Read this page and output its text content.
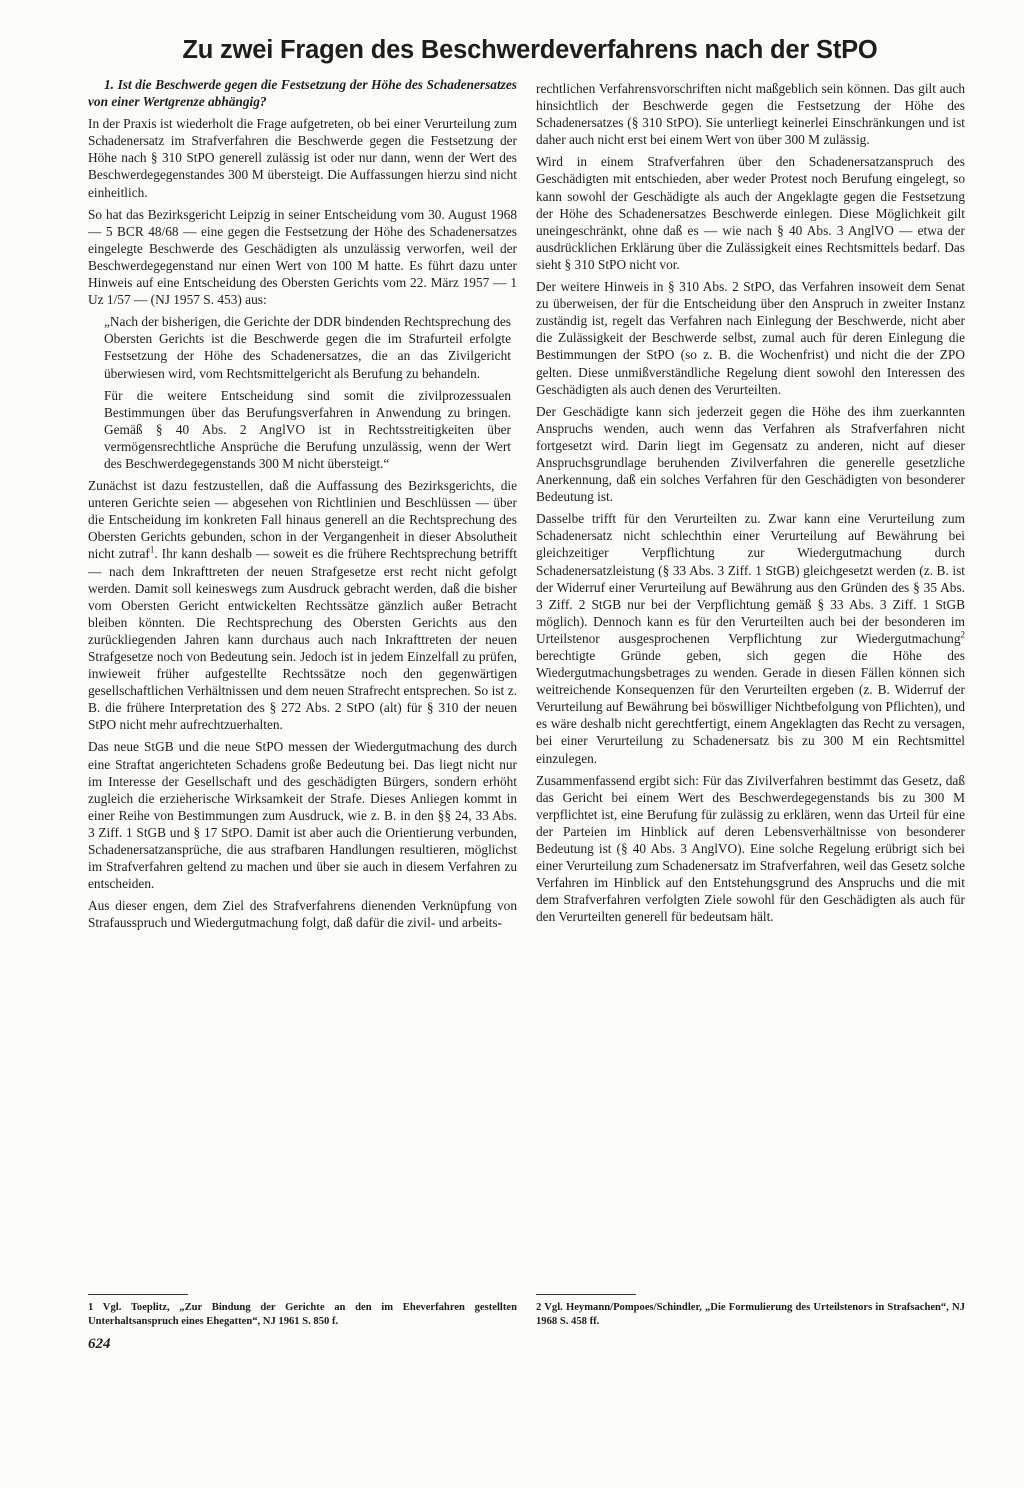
Zu zwei Fragen des Beschwerdeverfahrens nach der StPO

1. Ist die Beschwerde gegen die Festsetzung der Höhe des Schadenersatzes von einer Wertgrenze abhängig?

In der Praxis ist wiederholt die Frage aufgetreten, ob bei einer Verurteilung zum Schadenersatz im Strafverfahren die Beschwerde gegen die Festsetzung der Höhe nach § 310 StPO generell zulässig ist oder nur dann, wenn der Wert des Beschwerdegegenstandes 300 M übersteigt. Die Auffassungen hierzu sind nicht einheitlich.

So hat das Bezirksgericht Leipzig in seiner Entscheidung vom 30. August 1968 — 5 BCR 48/68 — eine gegen die Festsetzung der Höhe des Schadenersatzes eingelegte Beschwerde des Geschädigten als unzulässig verworfen, weil der Beschwerdegegenstand nur einen Wert von 100 M hatte. Es führt dazu unter Hinweis auf eine Entscheidung des Obersten Gerichts vom 22. März 1957 — 1 Uz 1/57 — (NJ 1957 S. 453) aus:

„Nach der bisherigen, die Gerichte der DDR bindenden Rechtsprechung des Obersten Gerichts ist die Beschwerde gegen die im Strafurteil erfolgte Festsetzung der Höhe des Schadenersatzes, die an das Zivilgericht überwiesen wird, vom Rechtsmittelgericht als Berufung zu behandeln.

Für die weitere Entscheidung sind somit die zivilprozessualen Bestimmungen über das Berufungsverfahren in Anwendung zu bringen. Gemäß § 40 Abs. 2 AnglVO ist in Rechtsstreitigkeiten über vermögensrechtliche Ansprüche die Berufung unzulässig, wenn der Wert des Beschwerdegegenstands 300 M nicht übersteigt.“

Zunächst ist dazu festzustellen, daß die Auffassung des Bezirksgerichts, die unteren Gerichte seien — abgesehen von Richtlinien und Beschlüssen — über die Entscheidung im konkreten Fall hinaus generell an die Rechtsprechung des Obersten Gerichts gebunden, schon in der Vergangenheit in dieser Absolutheit nicht zutraf$^1$. Ihr kann deshalb — soweit es die frühere Rechtsprechung betrifft — nach dem Inkrafttreten der neuen Strafgesetze erst recht nicht gefolgt werden. Damit soll keineswegs zum Ausdruck gebracht werden, daß die bisher vom Obersten Gericht entwickelten Rechtssätze gänzlich außer Betracht bleiben könnten. Die Rechtsprechung des Obersten Gerichts aus den zurückliegenden Jahren kann durchaus auch nach Inkrafttreten der neuen Strafgesetze noch von Bedeutung sein. Jedoch ist in jedem Einzelfall zu prüfen, inwieweit früher aufgestellte Rechtssätze noch den gegenwärtigen gesellschaftlichen Verhältnissen und dem neuen Strafrecht entsprechen. So ist z. B. die frühere Interpretation des § 272 Abs. 2 StPO (alt) für § 310 der neuen StPO nicht mehr aufrechtzuerhalten.

Das neue StGB und die neue StPO messen der Wiedergutmachung des durch eine Straftat angerichteten Schadens große Bedeutung bei. Das liegt nicht nur im Interesse der Gesellschaft und des geschädigten Bürgers, sondern erhöht zugleich die erzieherische Wirksamkeit der Strafe. Dieses Anliegen kommt in einer Reihe von Bestimmungen zum Ausdruck, wie z. B. in den §§ 24, 33 Abs. 3 Ziff. 1 StGB und § 17 StPO. Damit ist aber auch die Orientierung verbunden, Schadenersatzansprüche, die aus strafbaren Handlungen resultieren, möglichst im Strafverfahren geltend zu machen und über sie auch in diesem Verfahren zu entscheiden.

Aus dieser engen, dem Ziel des Strafverfahrens dienenden Verknüpfung von Strafausspruch und Wiedergutmachung folgt, daß dafür die zivil- und arbeits-

rechtlichen Verfahrensvorschriften nicht maßgeblich sein können. Das gilt auch hinsichtlich der Beschwerde gegen die Festsetzung der Höhe des Schadenersatzes (§ 310 StPO). Sie unterliegt keinerlei Einschränkungen und ist daher auch nicht erst bei einem Wert von über 300 M zulässig.

Wird in einem Strafverfahren über den Schadenersatzanspruch des Geschädigten mit entschieden, aber weder Protest noch Berufung eingelegt, so kann sowohl der Geschädigte als auch der Angeklagte gegen die Festsetzung der Höhe des Schadenersatzes Beschwerde einlegen. Diese Möglichkeit gilt uneingeschränkt, ohne daß es — wie nach § 40 Abs. 3 AnglVO — etwa der ausdrücklichen Erklärung über die Zulässigkeit eines Rechtsmittels bedarf. Das sieht § 310 StPO nicht vor.

Der weitere Hinweis in § 310 Abs. 2 StPO, das Verfahren insoweit dem Senat zu überweisen, der für die Entscheidung über den Anspruch in zweiter Instanz zuständig ist, regelt das Verfahren nach Einlegung der Beschwerde, nicht aber die Zulässigkeit der Beschwerde selbst, zumal auch für deren Einlegung die Bestimmungen der StPO (so z. B. die Wochenfrist) und nicht die der ZPO gelten. Diese unmißverständliche Regelung dient sowohl den Interessen des Geschädigten als auch denen des Verurteilten.

Der Geschädigte kann sich jederzeit gegen die Höhe des ihm zuerkannten Anspruchs wenden, auch wenn das Verfahren als Strafverfahren nicht fortgesetzt wird. Darin liegt im Gegensatz zu anderen, nicht auf dieser Anspruchsgrundlage beruhenden Zivilverfahren die generelle gesetzliche Anerkennung, daß ein solches Verfahren für den Geschädigten von besonderer Bedeutung ist.

Dasselbe trifft für den Verurteilten zu. Zwar kann eine Verurteilung zum Schadenersatz nicht schlechthin einer Verurteilung auf Bewährung bei gleichzeitiger Verpflichtung zur Wiedergutmachung durch Schadenersatzleistung (§ 33 Abs. 3 Ziff. 1 StGB) gleichgesetzt werden (z. B. ist der Widerruf einer Verurteilung auf Bewährung aus den Gründen des § 35 Abs. 3 Ziff. 2 StGB nur bei der Verpflichtung gemäß § 33 Abs. 3 Ziff. 1 StGB möglich). Dennoch kann es für den Verurteilten auch bei der besonderen im Urteilstenor ausgesprochenen Verpflichtung zur Wiedergutmachung$^2$ berechtigte Gründe geben, sich gegen die Höhe des Wiedergutmachungsbetrages zu wenden. Gerade in diesen Fällen können sich weitreichende Konsequenzen für den Verurteilten ergeben (z. B. Widerruf der Verurteilung auf Bewährung bei böswilliger Nichtbefolgung von Pflichten), und es wäre deshalb nicht gerechtfertigt, einem Angeklagten das Recht zu versagen, bei einer Verurteilung zu Schadenersatz bis zu 300 M ein Rechtsmittel einzulegen.

Zusammenfassend ergibt sich: Für das Zivilverfahren bestimmt das Gesetz, daß das Gericht bei einem Wert des Beschwerdegegenstands bis zu 300 M verpflichtet ist, eine Berufung für zulässig zu erklären, wenn das Urteil für eine der Parteien im Hinblick auf deren Lebensverhältnisse von besonderer Bedeutung ist (§ 40 Abs. 3 AnglVO). Eine solche Regelung erübrigt sich bei einer Verurteilung zum Schadenersatz im Strafverfahren, weil das Gesetz solche Verfahren im Hinblick auf den Entstehungsgrund des Anspruchs und die mit dem Strafverfahren verfolgten Ziele sowohl für den Geschädigten als auch für den Verurteilten generell für bedeutsam hält.

1 Vgl. Toeplitz, „Zur Bindung der Gerichte an den im Eheverfahren gestellten Unterhaltsanspruch eines Ehegatten“, NJ 1961 S. 850 f.

2 Vgl. Heymann/Pompoes/Schindler, „Die Formulierung des Urteilstenors in Strafsachen“, NJ 1968 S. 458 ff.

624
